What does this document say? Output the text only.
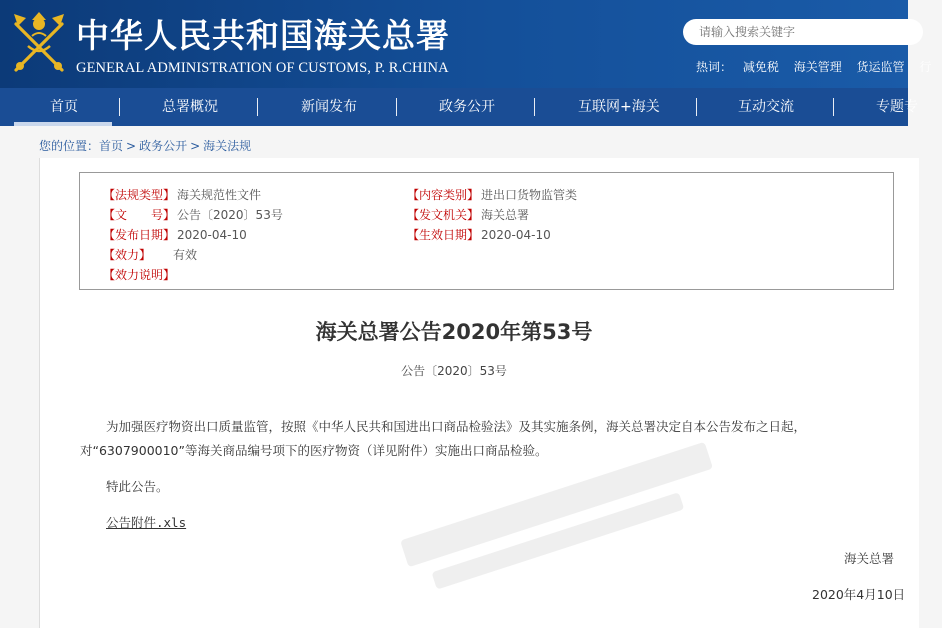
中华人民共和国海关总署
GENERAL ADMINISTRATION OF CUSTOMS, P. R.CHINA
请输入搜索关键字	热词： 减免税 海关管理 货运监管 行
首页	总署概况	新闻发布	政务公开	互联网+海关	互动交流	专题专
您的位置：首页 > 政务公开 > 海关法规
【法规类型】 海关规范性文件	【内容类别】 进出口货物监管类
【文　　号】 公告〔2020〕53号	【发文机关】 海关总署
【发布日期】 2020-04-10	【生效日期】 2020-04-10
【效力】 有效
【效力说明】
海关总署公告2020年第53号
公告〔2020〕53号
为加强医疗物资出口质量监管，按照《中华人民共和国进出口商品检验法》及其实施条例，海关总署决定自本公告发布之日起，
对“6307900010”等海关商品编号项下的医疗物资（详见附件）实施出口商品检验。
特此公告。
公告附件.xls
海关总署
2020年4月10日
